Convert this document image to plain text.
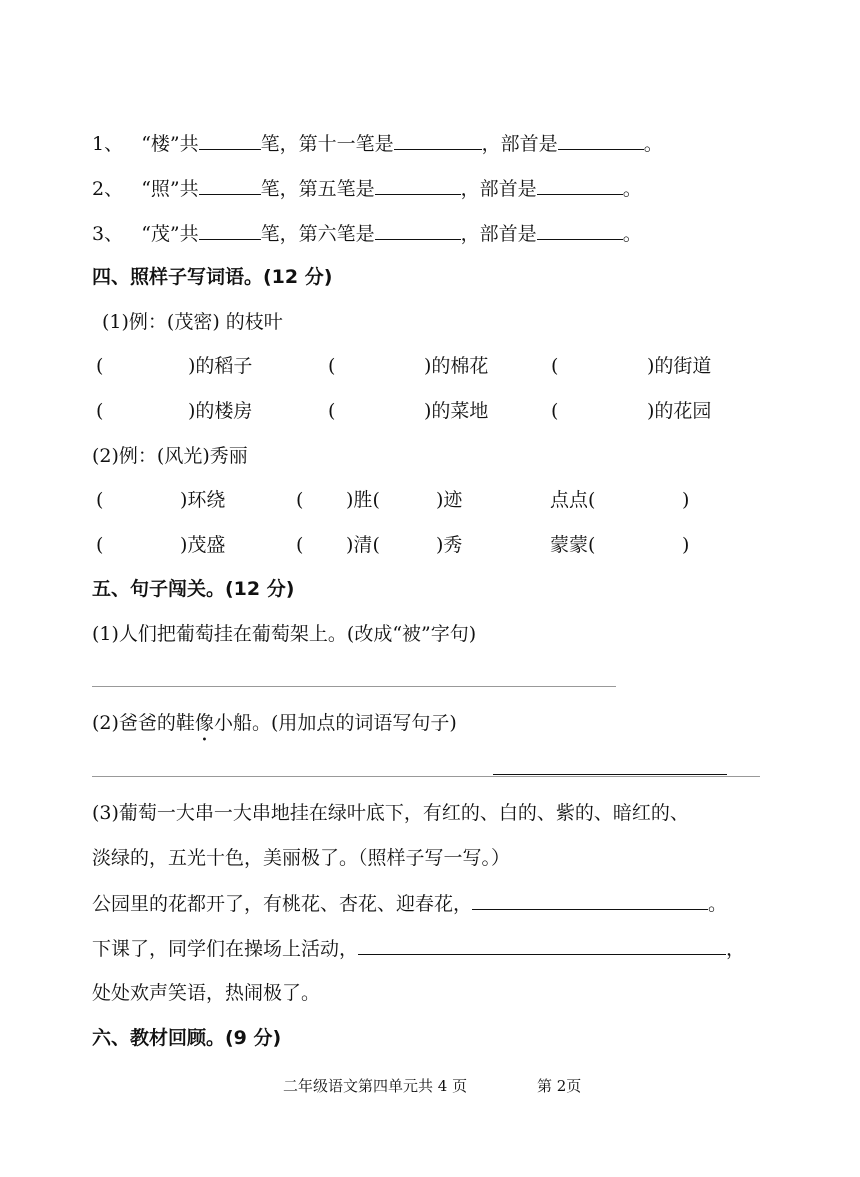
1、 “楼”共	笔，第十一笔是	，部首是	。
2、 “照”共	笔，第五笔是	，部首是	。
3、 “茂”共	笔，第六笔是	，部首是	。
四、照样子写词语。(12 分)
(1)例：(茂密) 的枝叶
(	)的稻子	(	)的棉花	(	)的街道
(	)的楼房	(	)的菜地	(	)的花园
(2)例：(风光)秀丽
(	)环绕	( )胜(	)迹	点点(	)
(	)茂盛	( )清(	)秀	蒙蒙(	)
五、句子闯关。(12 分)
(1)人们把葡萄挂在葡萄架上。(改成“被”字句)
(2)爸爸的鞋像小船。(用加点的词语写句子)
(3)葡萄一大串一大串地挂在绿叶底下，有红的、白的、紫的、暗红的、
淡绿的，五光十色，美丽极了。（照样子写一写。）
公园里的花都开了，有桃花、杏花、迎春花，	。
下课了，同学们在操场上活动，	，
处处欢声笑语，热闹极了。
六、教材回顾。(9 分)
二年级语文第四单元共 4 页	第 2页
